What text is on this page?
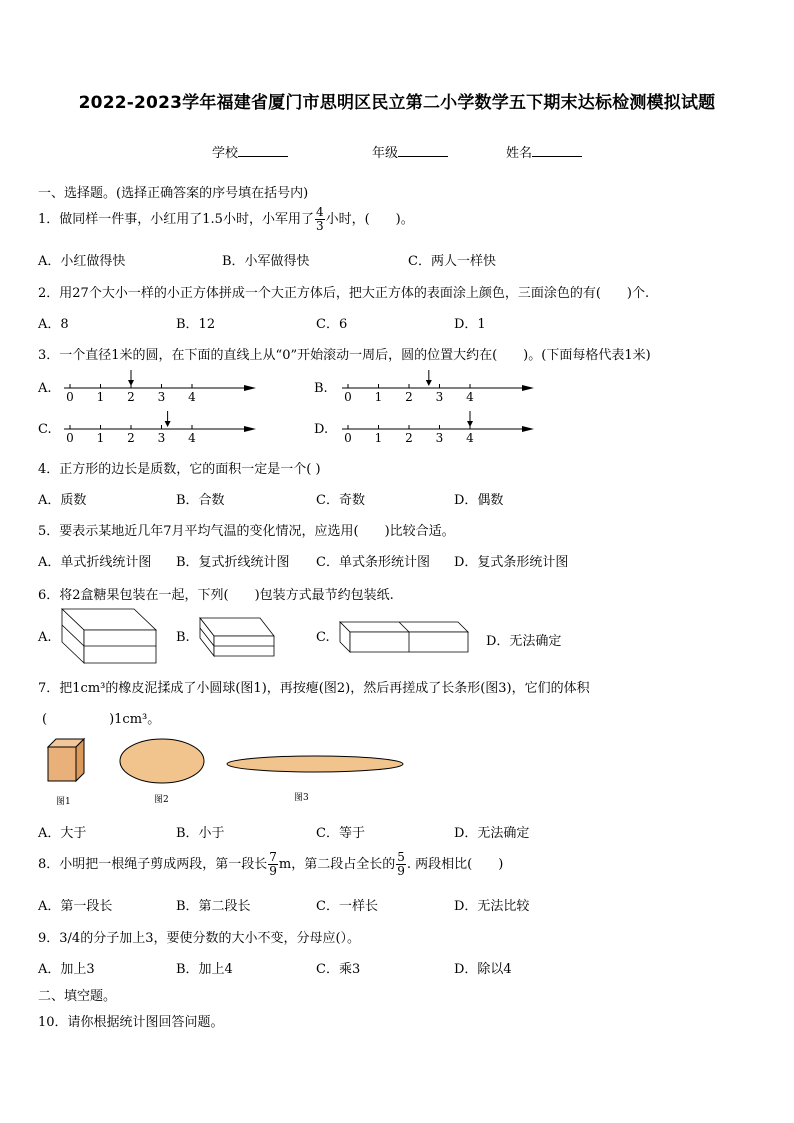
2022-2023学年福建省厦门市思明区民立第二小学数学五下期末达标检测模拟试题
学校	年级	姓名
一、选择题。(选择正确答案的序号填在括号内)
1．做同样一件事，小红用了1.5小时，小军用了 $\frac{4}{3}$ 小时，(　　)。
A．小红做得快	B．小军做得快	C．两人一样快
2．用27个大小一样的小正方体拼成一个大正方体后，把大正方体的表面涂上颜色，三面涂色的有(　　)个.
A．8	B．12	C．6	D．1
3．一个直径1米的圆，在下面的直线上从“0”开始滚动一周后，圆的位置大约在(　　)。(下面每格代表1米)
A.
0 1 2 3 4
B.
0 1 2 3 4
C.
0 1 2 3 4
D.
0 1 2 3 4
4．正方形的边长是质数，它的面积一定是一个( )
A．质数	B．合数	C．奇数	D．偶数
5．要表示某地近几年7月平均气温的变化情况，应选用(　　)比较合适。
A．单式折线统计图 B．复式折线统计图 C．单式条形统计图 D．复式条形统计图
6．将2盒糖果包装在一起，下列(　　)包装方式最节约包装纸.
A.	B.	C.	D．无法确定
7．把1cm³的橡皮泥揉成了小圆球(图1)，再按瘪(图2)，然后再搓成了长条形(图3)，它们的体积
(	)1cm³。
图1	图2	图3
A．大于	B．小于	C．等于	D．无法确定
8．小明把一根绳子剪成两段，第一段长 $\frac{7}{9}$ m，第二段占全长的 $\frac{5}{9}$ . 两段相比(　　)
A．第一段长	B．第二段长	C．一样长	D．无法比较
9．3/4的分子加上3，要使分数的大小不变，分母应(）。
A．加上3	B．加上4	C．乘3	D．除以4
二、填空题。
10．请你根据统计图回答问题。
